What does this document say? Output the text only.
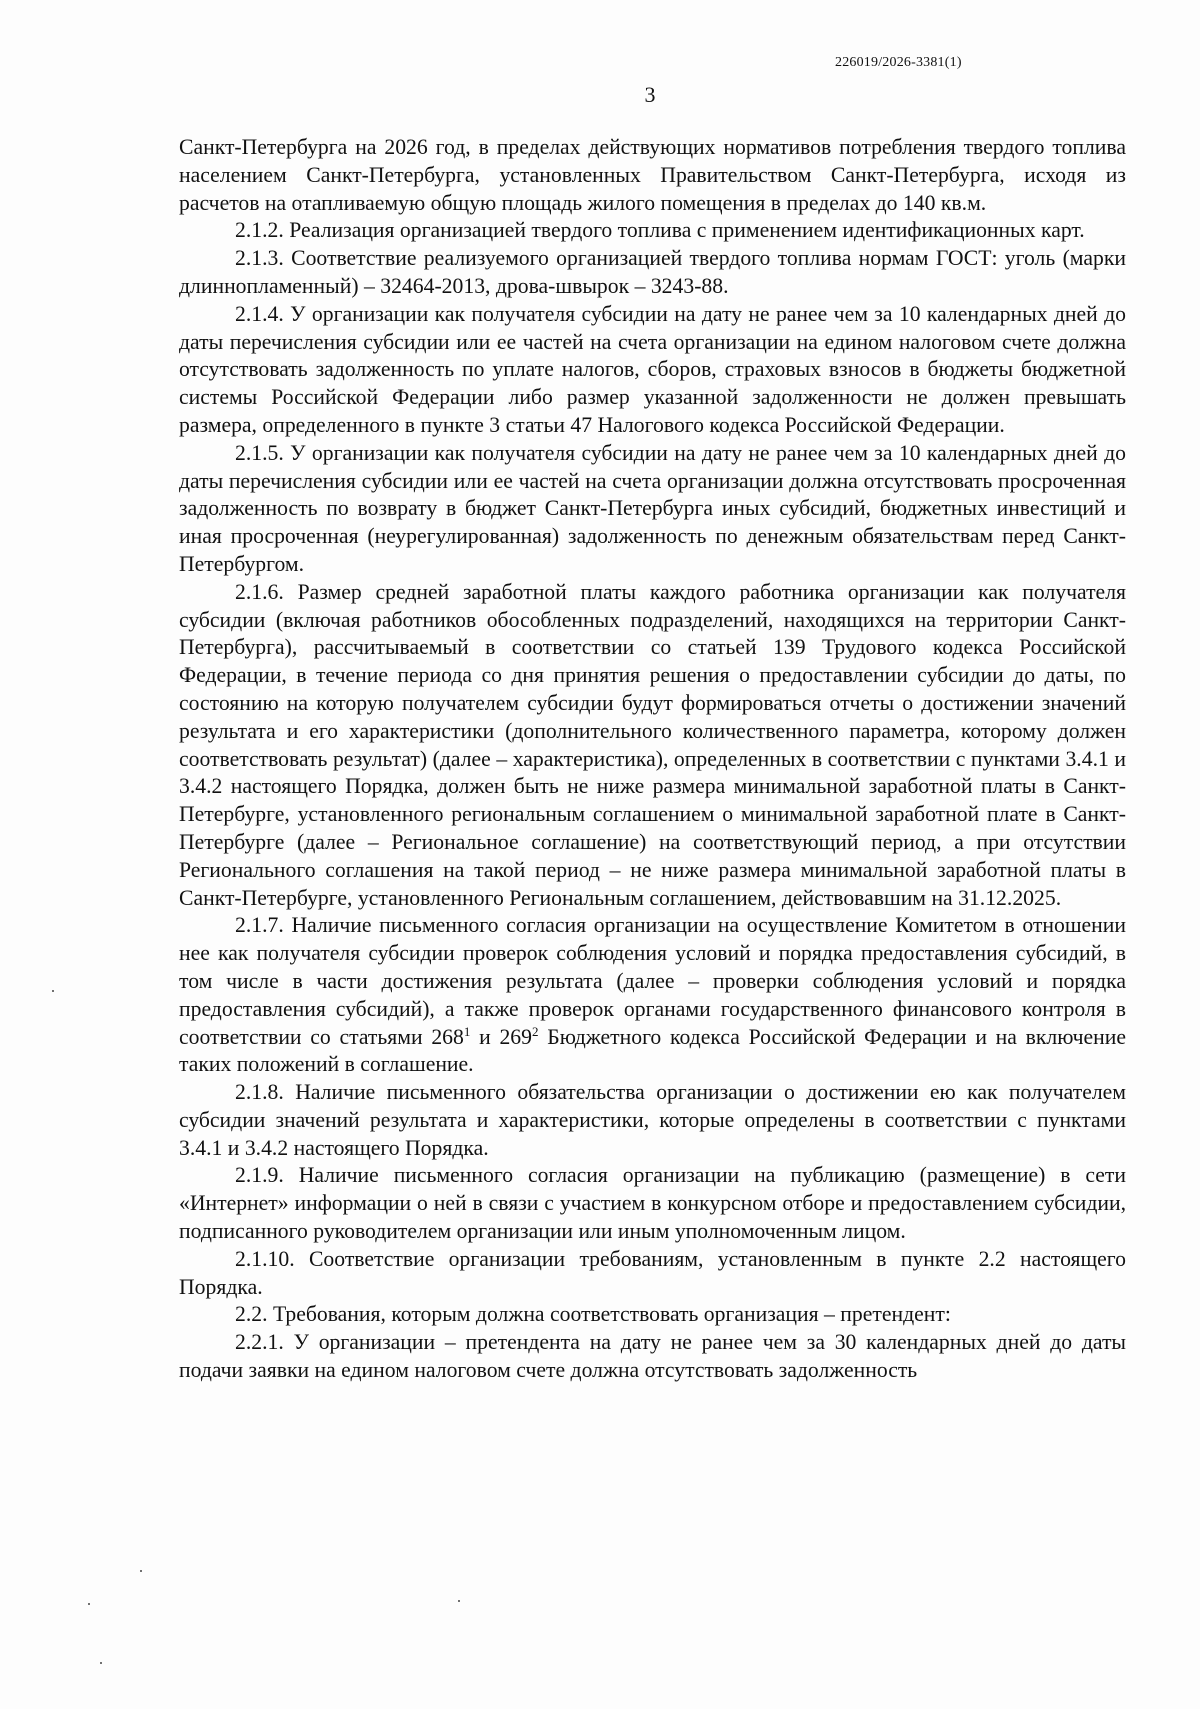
226019/2026-3381(1)
3

Санкт-Петербурга на 2026 год, в пределах действующих нормативов потребления твердого топлива населением Санкт-Петербурга, установленных Правительством Санкт-Петербурга, исходя из расчетов на отапливаемую общую площадь жилого помещения в пределах до 140 кв.м.

2.1.2. Реализация организацией твердого топлива с применением идентификационных карт.

2.1.3. Соответствие реализуемого организацией твердого топлива нормам ГОСТ: уголь (марки длиннопламенный) – 32464-2013, дрова-швырок – 3243-88.

2.1.4. У организации как получателя субсидии на дату не ранее чем за 10 календарных дней до даты перечисления субсидии или ее частей на счета организации на едином налоговом счете должна отсутствовать задолженность по уплате налогов, сборов, страховых взносов в бюджеты бюджетной системы Российской Федерации либо размер указанной задолженности не должен превышать размера, определенного в пункте 3 статьи 47 Налогового кодекса Российской Федерации.

2.1.5. У организации как получателя субсидии на дату не ранее чем за 10 календарных дней до даты перечисления субсидии или ее частей на счета организации должна отсутствовать просроченная задолженность по возврату в бюджет Санкт-Петербурга иных субсидий, бюджетных инвестиций и иная просроченная (неурегулированная) задолженность по денежным обязательствам перед Санкт-Петербургом.

2.1.6. Размер средней заработной платы каждого работника организации как получателя субсидии (включая работников обособленных подразделений, находящихся на территории Санкт-Петербурга), рассчитываемый в соответствии со статьей 139 Трудового кодекса Российской Федерации, в течение периода со дня принятия решения о предоставлении субсидии до даты, по состоянию на которую получателем субсидии будут формироваться отчеты о достижении значений результата и его характеристики (дополнительного количественного параметра, которому должен соответствовать результат) (далее – характеристика), определенных в соответствии с пунктами 3.4.1 и 3.4.2 настоящего Порядка, должен быть не ниже размера минимальной заработной платы в Санкт-Петербурге, установленного региональным соглашением о минимальной заработной плате в Санкт-Петербурге (далее – Региональное соглашение) на соответствующий период, а при отсутствии Регионального соглашения на такой период – не ниже размера минимальной заработной платы в Санкт-Петербурге, установленного Региональным соглашением, действовавшим на 31.12.2025.

2.1.7. Наличие письменного согласия организации на осуществление Комитетом в отношении нее как получателя субсидии проверок соблюдения условий и порядка предоставления субсидий, в том числе в части достижения результата (далее – проверки соблюдения условий и порядка предоставления субсидий), а также проверок органами государственного финансового контроля в соответствии со статьями $268^1$ и $269^2$ Бюджетного кодекса Российской Федерации и на включение таких положений в соглашение.

2.1.8. Наличие письменного обязательства организации о достижении ею как получателем субсидии значений результата и характеристики, которые определены в соответствии с пунктами 3.4.1 и 3.4.2 настоящего Порядка.

2.1.9. Наличие письменного согласия организации на публикацию (размещение) в сети «Интернет» информации о ней в связи с участием в конкурсном отборе и предоставлением субсидии, подписанного руководителем организации или иным уполномоченным лицом.

2.1.10. Соответствие организации требованиям, установленным в пункте 2.2 настоящего Порядка.

2.2. Требования, которым должна соответствовать организация – претендент:

2.2.1. У организации – претендента на дату не ранее чем за 30 календарных дней до даты подачи заявки на едином налоговом счете должна отсутствовать задолженность
